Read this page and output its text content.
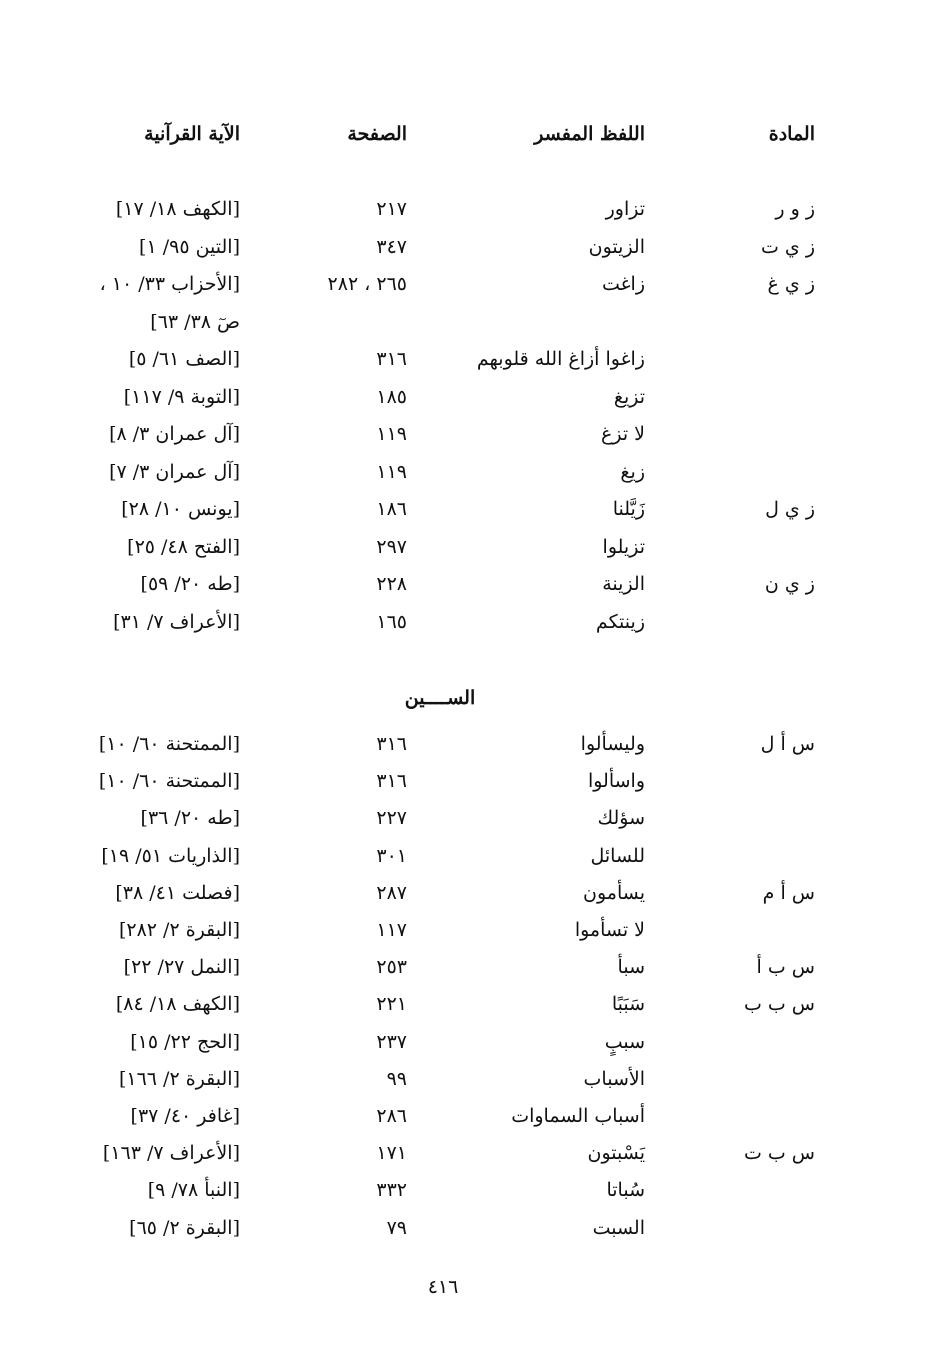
المادة
اللفظ المفسر
الصفحة
الآية القرآنية
ز و ر
تزاور
٢١٧
[الكهف ١٨/ ١٧]
ز ي ت
الزيتون
٣٤٧
[التين ٩٥/ ١]
ز ي غ
زاغت
٢٦٥ ، ٢٨٢
[الأحزاب ٣٣/ ١٠ ،
صٓ ٣٨/ ٦٣]
زاغوا أزاغ الله قلوبهم
٣١٦
[الصف ٦١/ ٥]
تزيغ
١٨٥
[التوبة ٩/ ١١٧]
لا تزغ
١١٩
[آل عمران ٣/ ٨]
زيغ
١١٩
[آل عمران ٣/ ٧]
ز ي ل
زَيَّلنا
١٨٦
[يونس ١٠/ ٢٨]
تزيلوا
٢٩٧
[الفتح ٤٨/ ٢٥]
ز ي ن
الزينة
٢٢٨
[طه ٢٠/ ٥٩]
زينتكم
١٦٥
[الأعراف ٧/ ٣١]
الســــين
س أ ل
وليسألوا
٣١٦
[الممتحنة ٦٠/ ١٠]
واسألوا
٣١٦
[الممتحنة ٦٠/ ١٠]
سؤلك
٢٢٧
[طه ٢٠/ ٣٦]
للسائل
٣٠١
[الذاريات ٥١/ ١٩]
س أ م
يسأمون
٢٨٧
[فصلت ٤١/ ٣٨]
لا تسأموا
١١٧
[البقرة ٢/ ٢٨٢]
س ب أ
سبأ
٢٥٣
[النمل ٢٧/ ٢٢]
س ب ب
سَبَبًا
٢٢١
[الكهف ١٨/ ٨٤]
سببٍ
٢٣٧
[الحج ٢٢/ ١٥]
الأسباب
٩٩
[البقرة ٢/ ١٦٦]
أسباب السماوات
٢٨٦
[غافر ٤٠/ ٣٧]
س ب ت
يَسْبتون
١٧١
[الأعراف ٧/ ١٦٣]
سُباتا
٣٣٢
[النبأ ٧٨/ ٩]
السبت
٧٩
[البقرة ٢/ ٦٥]
٤١٦
